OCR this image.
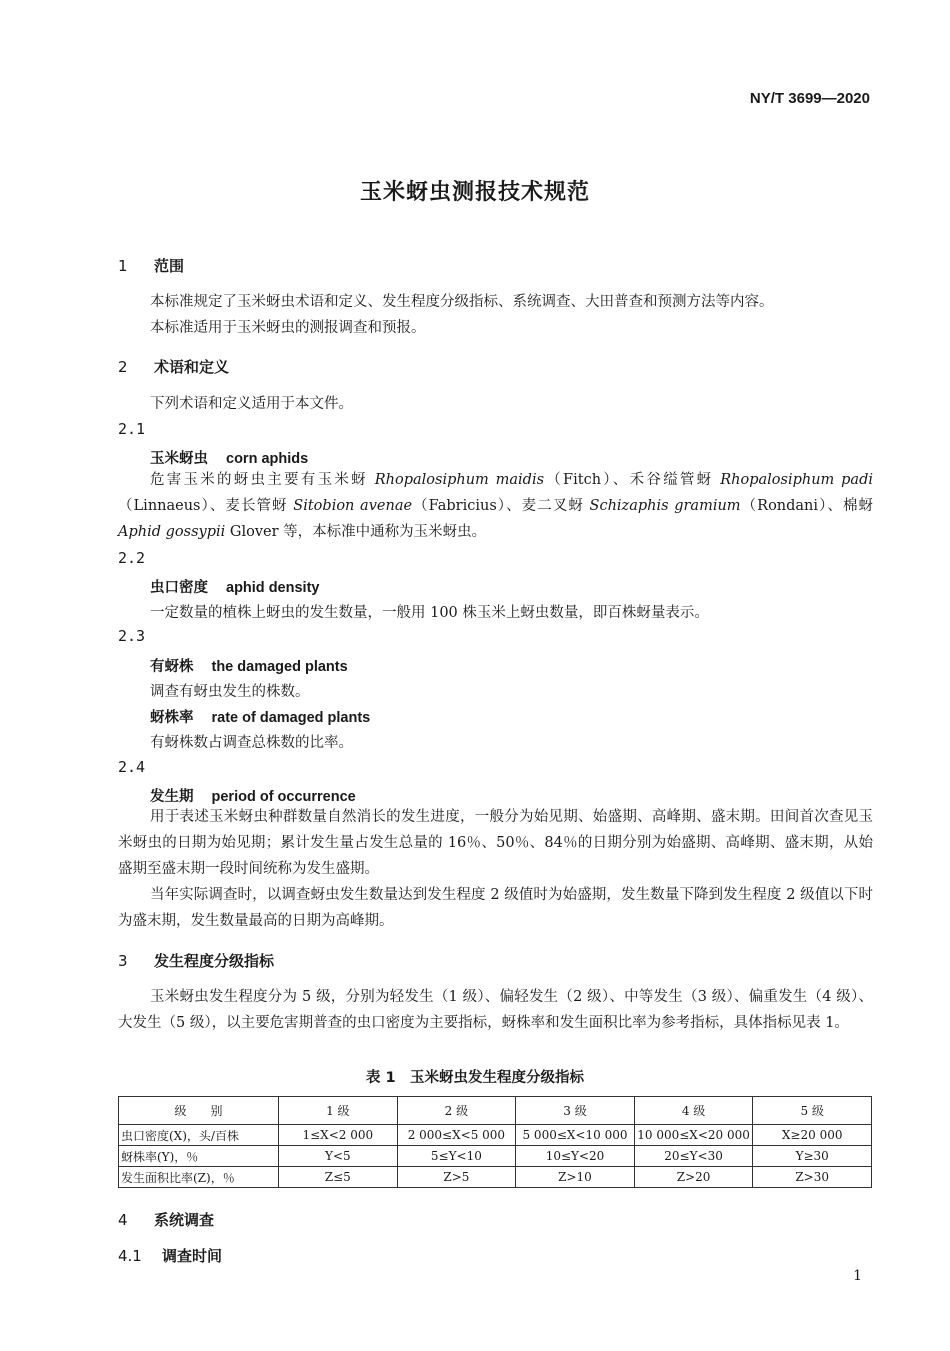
NY/T 3699—2020
玉米蚜虫测报技术规范
1 范围

本标准规定了玉米蚜虫术语和定义、发生程度分级指标、系统调查、大田普查和预测方法等内容。

本标准适用于玉米蚜虫的测报调查和预报。

2 术语和定义

下列术语和定义适用于本文件。

2.1
玉米蚜虫 corn aphids

危害玉米的蚜虫主要有玉米蚜 Rhopalosiphum maidis（Fitch）、禾谷缢管蚜 Rhopalosiphum padi（Linnaeus）、麦长管蚜 Sitobion avenae（Fabricius）、麦二叉蚜 Schizaphis gramium（Rondani）、棉蚜 Aphid gossypii Glover 等，本标准中通称为玉米蚜虫。

2.2
虫口密度 aphid density
一定数量的植株上蚜虫的发生数量，一般用 100 株玉米上蚜虫数量，即百株蚜量表示。
2.3
有蚜株 the damaged plants
调查有蚜虫发生的株数。
蚜株率 rate of damaged plants
有蚜株数占调查总株数的比率。
2.4
发生期 period of occurrence

用于表述玉米蚜虫种群数量自然消长的发生进度，一般分为始见期、始盛期、高峰期、盛末期。田间首次查见玉米蚜虫的日期为始见期；累计发生量占发生总量的 16％、50％、84％的日期分别为始盛期、高峰期、盛末期，从始盛期至盛末期一段时间统称为发生盛期。

当年实际调查时，以调查蚜虫发生数量达到发生程度 2 级值时为始盛期，发生数量下降到发生程度 2 级值以下时为盛末期，发生数量最高的日期为高峰期。

3 发生程度分级指标

玉米蚜虫发生程度分为 5 级，分别为轻发生（1 级）、偏轻发生（2 级）、中等发生（3 级）、偏重发生（4 级）、大发生（5 级），以主要危害期普查的虫口密度为主要指标，蚜株率和发生面积比率为参考指标，具体指标见表 1。

表 1　玉米蚜虫发生程度分级指标
级　　别	1 级	2 级	3 级	4 级	5 级
虫口密度(X)，头/百株	1≤X<2 000	2 000≤X<5 000	5 000≤X<10 000	10 000≤X<20 000	X≥20 000
蚜株率(Y)，％	Y<5	5≤Y<10	10≤Y<20	20≤Y<30	Y≥30
发生面积比率(Z)，％	Z≤5	Z>5	Z>10	Z>20	Z>30
4 系统调查
4.1 调查时间
1
